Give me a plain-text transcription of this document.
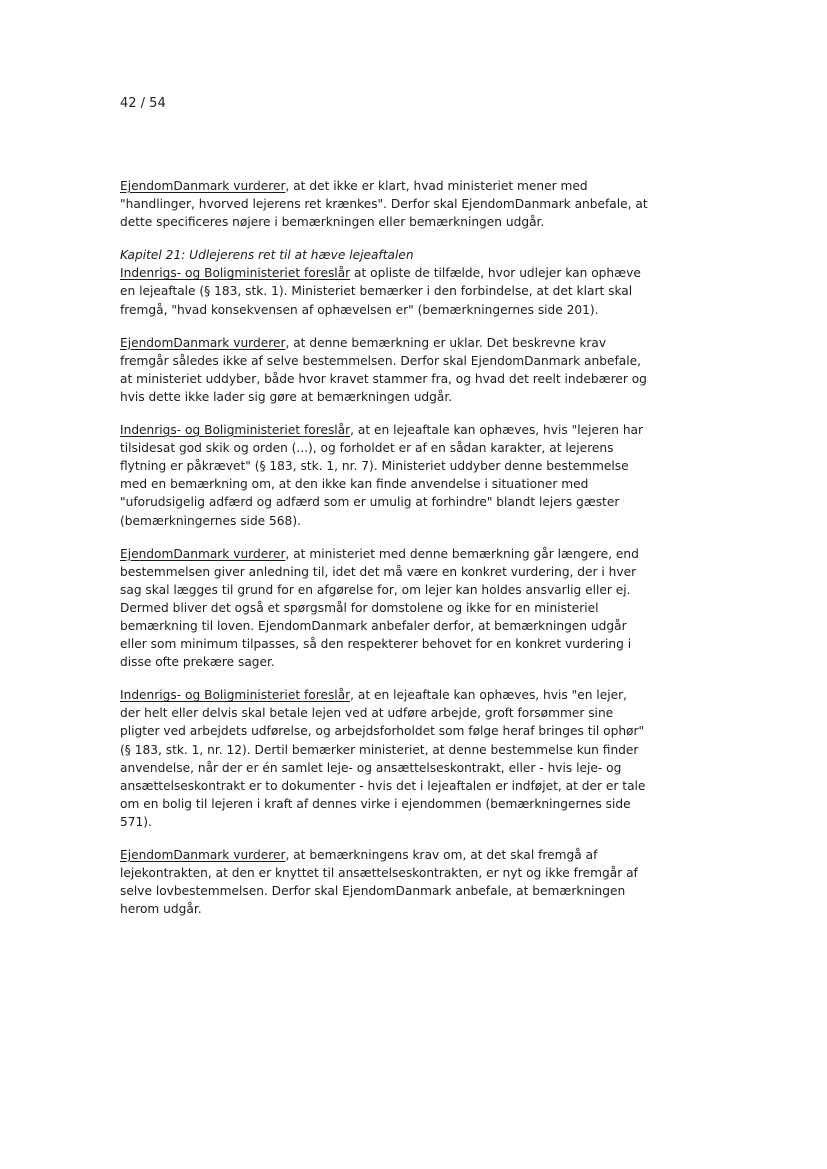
42 / 54

EjendomDanmark vurderer, at det ikke er klart, hvad ministeriet mener med "handlinger, hvorved lejerens ret krænkes". Derfor skal EjendomDanmark anbefale, at dette specificeres nøjere i bemærkningen eller bemærkningen udgår.

Kapitel 21: Udlejerens ret til at hæve lejeaftalen
Indenrigs- og Boligministeriet foreslår at opliste de tilfælde, hvor udlejer kan ophæve en lejeaftale (§ 183, stk. 1). Ministeriet bemærker i den forbindelse, at det klart skal fremgå, "hvad konsekvensen af ophævelsen er" (bemærkningernes side 201).

EjendomDanmark vurderer, at denne bemærkning er uklar. Det beskrevne krav fremgår således ikke af selve bestemmelsen. Derfor skal EjendomDanmark anbefale, at ministeriet uddyber, både hvor kravet stammer fra, og hvad det reelt indebærer og hvis dette ikke lader sig gøre at bemærkningen udgår.

Indenrigs- og Boligministeriet foreslår, at en lejeaftale kan ophæves, hvis "lejeren har tilsidesat god skik og orden (...), og forholdet er af en sådan karakter, at lejerens flytning er påkrævet" (§ 183, stk. 1, nr. 7). Ministeriet uddyber denne bestemmelse med en bemærkning om, at den ikke kan finde anvendelse i situationer med "uforudsigelig adfærd og adfærd som er umulig at forhindre" blandt lejers gæster (bemærkningernes side 568).

EjendomDanmark vurderer, at ministeriet med denne bemærkning går længere, end bestemmelsen giver anledning til, idet det må være en konkret vurdering, der i hver sag skal lægges til grund for en afgørelse for, om lejer kan holdes ansvarlig eller ej. Dermed bliver det også et spørgsmål for domstolene og ikke for en ministeriel bemærkning til loven. EjendomDanmark anbefaler derfor, at bemærkningen udgår eller som minimum tilpasses, så den respekterer behovet for en konkret vurdering i disse ofte prekære sager.

Indenrigs- og Boligministeriet foreslår, at en lejeaftale kan ophæves, hvis "en lejer, der helt eller delvis skal betale lejen ved at udføre arbejde, groft forsømmer sine pligter ved arbejdets udførelse, og arbejdsforholdet som følge heraf bringes til ophør" (§ 183, stk. 1, nr. 12). Dertil bemærker ministeriet, at denne bestemmelse kun finder anvendelse, når der er én samlet leje- og ansættelseskontrakt, eller - hvis leje- og ansættelseskontrakt er to dokumenter - hvis det i lejeaftalen er indføjet, at der er tale om en bolig til lejeren i kraft af dennes virke i ejendommen (bemærkningernes side 571).

EjendomDanmark vurderer, at bemærkningens krav om, at det skal fremgå af lejekontrakten, at den er knyttet til ansættelseskontrakten, er nyt og ikke fremgår af selve lovbestemmelsen. Derfor skal EjendomDanmark anbefale, at bemærkningen herom udgår.
